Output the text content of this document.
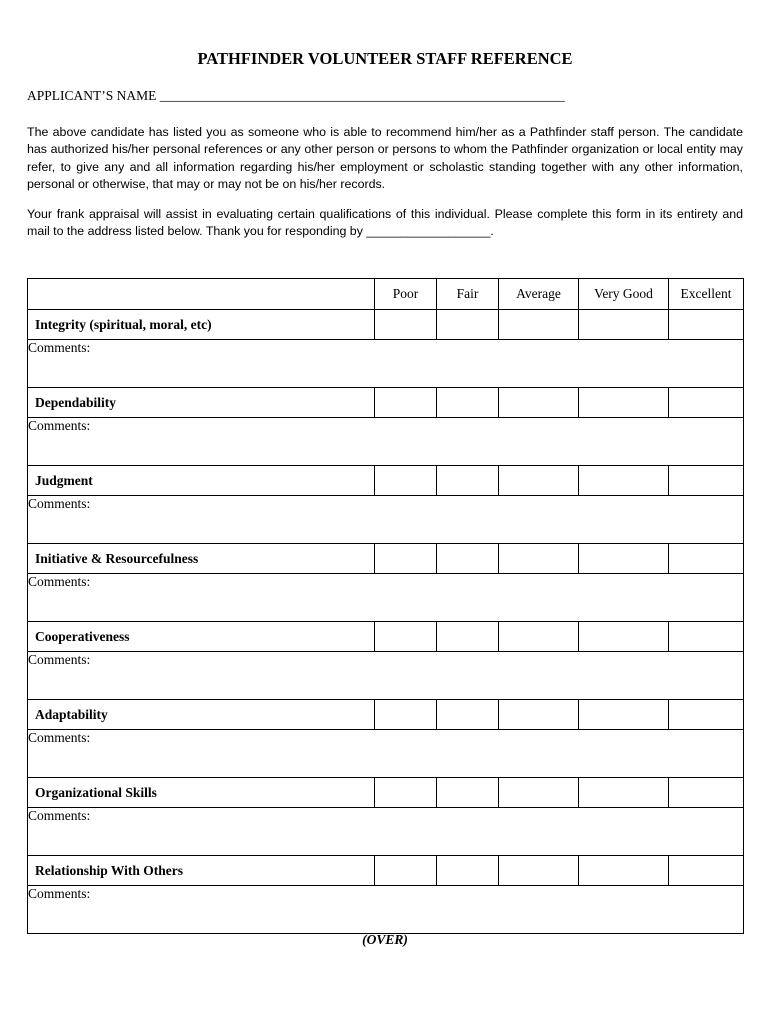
PATHFINDER VOLUNTEER STAFF REFERENCE
APPLICANT’S NAME ____________________________________________________________

The above candidate has listed you as someone who is able to recommend him/her as a Pathfinder staff person. The candidate has authorized his/her personal references or any other person or persons to whom the Pathfinder organization or local entity may refer, to give any and all information regarding his/her employment or scholastic standing together with any other information, personal or otherwise, that may or may not be on his/her records.

Your frank appraisal will assist in evaluating certain qualifications of this individual. Please complete this form in its entirety and mail to the address listed below. Thank you for responding by __________________.

	Poor	Fair	Average	Very Good	Excellent
Integrity (spiritual, moral, etc)					
Comments:					
Dependability					
Comments:					
Judgment					
Comments:					
Initiative & Resourcefulness					
Comments:					
Cooperativeness					
Comments:					
Adaptability					
Comments:					
Organizational Skills					
Comments:					
Relationship With Others					
Comments:					
(OVER)
